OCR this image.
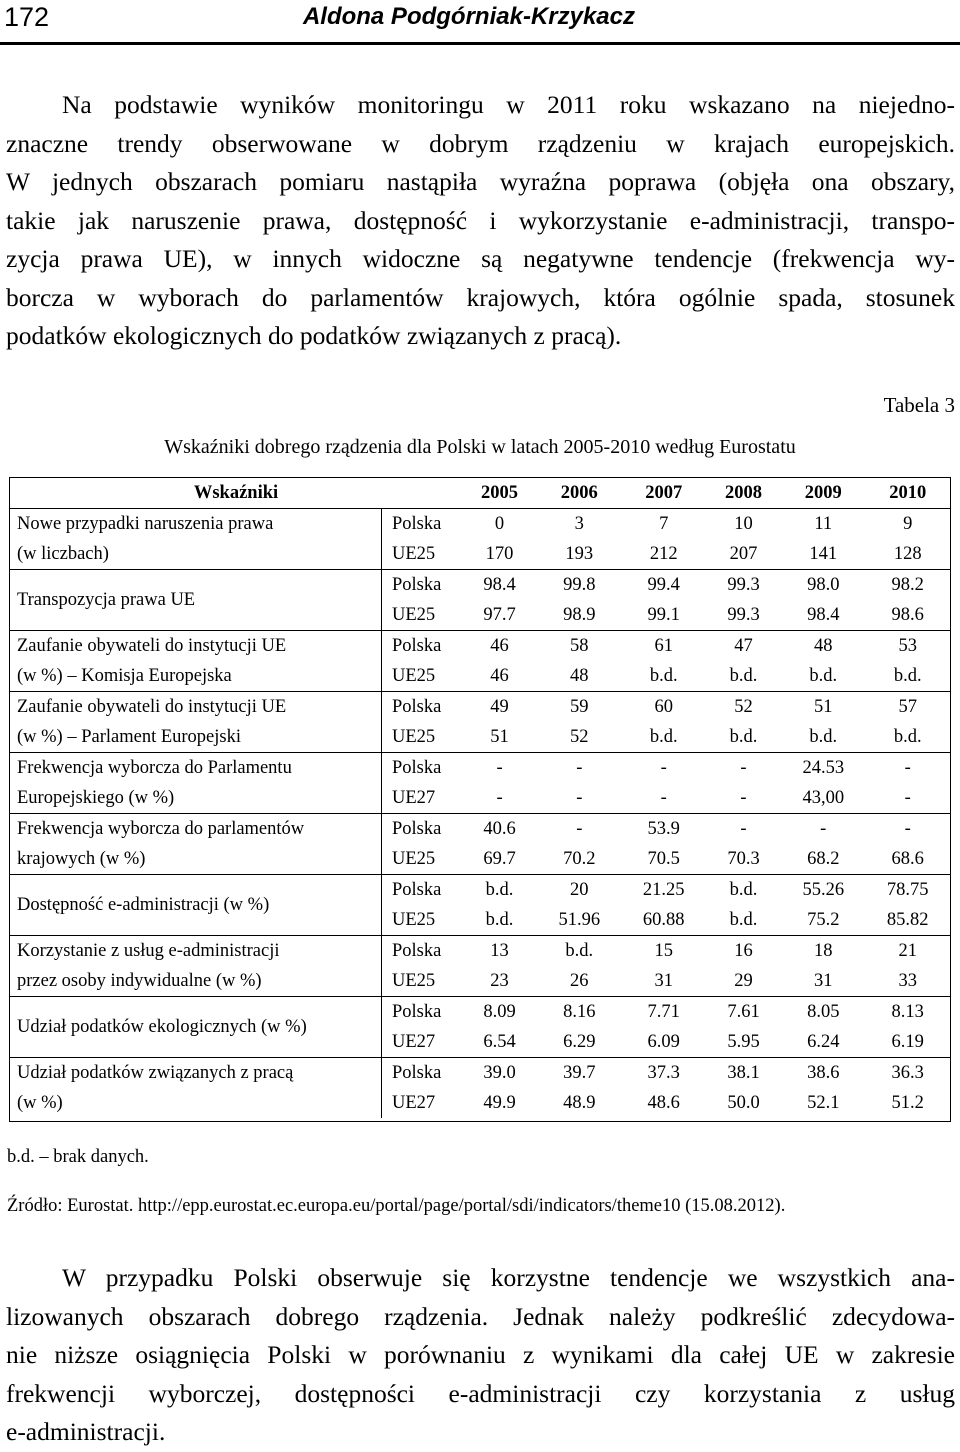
172	Aldona Podgórniak-Krzykacz
Na podstawie wyników monitoringu w 2011 roku wskazano na niejedno-
znaczne trendy obserwowane w dobrym rządzeniu w krajach europejskich.
W jednych obszarach pomiaru nastąpiła wyraźna poprawa (objęła ona obszary,
takie jak naruszenie prawa, dostępność i wykorzystanie e-administracji, transpo-
zycja prawa UE), w innych widoczne są negatywne tendencje (frekwencja wy-
borcza w wyborach do parlamentów krajowych, która ogólnie spada, stosunek
podatków ekologicznych do podatków związanych z pracą).
Tabela 3
Wskaźniki dobrego rządzenia dla Polski w latach 2005-2010 według Eurostatu
Wskaźniki		2005	2006	2007	2008	2009	2010

Nowe przypadki naruszenia prawa
(w liczbach)	Polska	0	3	7	10	11	9
	UE25	170	193	212	207	141	128

Transpozycja prawa UE	Polska	98.4	99.8	99.4	99.3	98.0	98.2
	UE25	97.7	98.9	99.1	99.3	98.4	98.6

Zaufanie obywateli do instytucji UE
(w %) – Komisja Europejska	Polska	46	58	61	47	48	53
	UE25	46	48	b.d.	b.d.	b.d.	b.d.

Zaufanie obywateli do instytucji UE
(w %) – Parlament Europejski	Polska	49	59	60	52	51	57
	UE25	51	52	b.d.	b.d.	b.d.	b.d.

Frekwencja wyborcza do Parlamentu
Europejskiego (w %)	Polska	-	-	-	-	24.53	-
	UE27	-	-	-	-	43,00	-

Frekwencja wyborcza do parlamentów
krajowych (w %)	Polska	40.6	-	53.9	-	-	-
	UE25	69.7	70.2	70.5	70.3	68.2	68.6

Dostępność e-administracji (w %)	Polska	b.d.	20	21.25	b.d.	55.26	78.75
	UE25	b.d.	51.96	60.88	b.d.	75.2	85.82

Korzystanie z usług e-administracji
przez osoby indywidualne (w %)	Polska	13	b.d.	15	16	18	21
	UE25	23	26	31	29	31	33

Udział podatków ekologicznych (w %)	Polska	8.09	8.16	7.71	7.61	8.05	8.13
	UE27	6.54	6.29	6.09	5.95	6.24	6.19

Udział podatków związanych z pracą
(w %)	Polska	39.0	39.7	37.3	38.1	38.6	36.3
	UE27	49.9	48.9	48.6	50.0	52.1	51.2
b.d. – brak danych.
Źródło: Eurostat. http://epp.eurostat.ec.europa.eu/portal/page/portal/sdi/indicators/theme10 (15.08.2012).
W przypadku Polski obserwuje się korzystne tendencje we wszystkich ana-
lizowanych obszarach dobrego rządzenia. Jednak należy podkreślić zdecydowa-
nie niższe osiągnięcia Polski w porównaniu z wynikami dla całej UE w zakresie
frekwencji wyborczej, dostępności e-administracji czy korzystania z usług
e-administracji.
